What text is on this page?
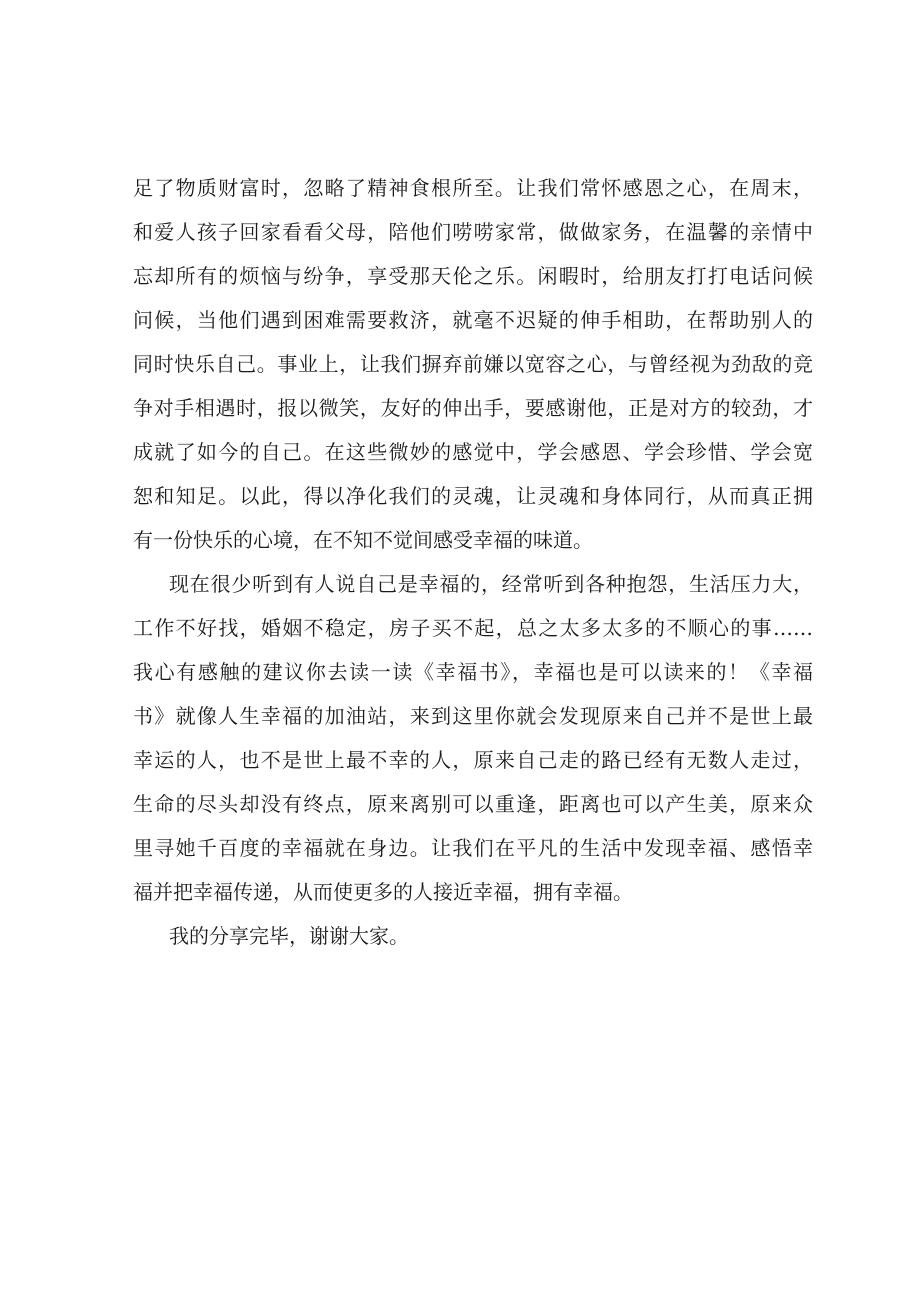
足了物质财富时，忽略了精神食根所至。让我们常怀感恩之心，在周末，
和爱人孩子回家看看父母，陪他们唠唠家常，做做家务，在温馨的亲情中
忘却所有的烦恼与纷争，享受那天伦之乐。闲暇时，给朋友打打电话问候
问候，当他们遇到困难需要救济，就毫不迟疑的伸手相助，在帮助别人的
同时快乐自己。事业上，让我们摒弃前嫌以宽容之心，与曾经视为劲敌的竞
争对手相遇时，报以微笑，友好的伸出手，要感谢他，正是对方的较劲，才
成就了如今的自己。在这些微妙的感觉中，学会感恩、学会珍惜、学会宽
恕和知足。以此，得以净化我们的灵魂，让灵魂和身体同行，从而真正拥
有一份快乐的心境，在不知不觉间感受幸福的味道。
现在很少听到有人说自己是幸福的，经常听到各种抱怨，生活压力大，
工作不好找，婚姻不稳定，房子买不起，总之太多太多的不顺心的事……
我心有感触的建议你去读一读《幸福书》，幸福也是可以读来的！《幸福
书》就像人生幸福的加油站，来到这里你就会发现原来自己并不是世上最
幸运的人，也不是世上最不幸的人，原来自己走的路已经有无数人走过，
生命的尽头却没有终点，原来离别可以重逢，距离也可以产生美，原来众
里寻她千百度的幸福就在身边。让我们在平凡的生活中发现幸福、感悟幸
福并把幸福传递，从而使更多的人接近幸福，拥有幸福。
我的分享完毕，谢谢大家。
